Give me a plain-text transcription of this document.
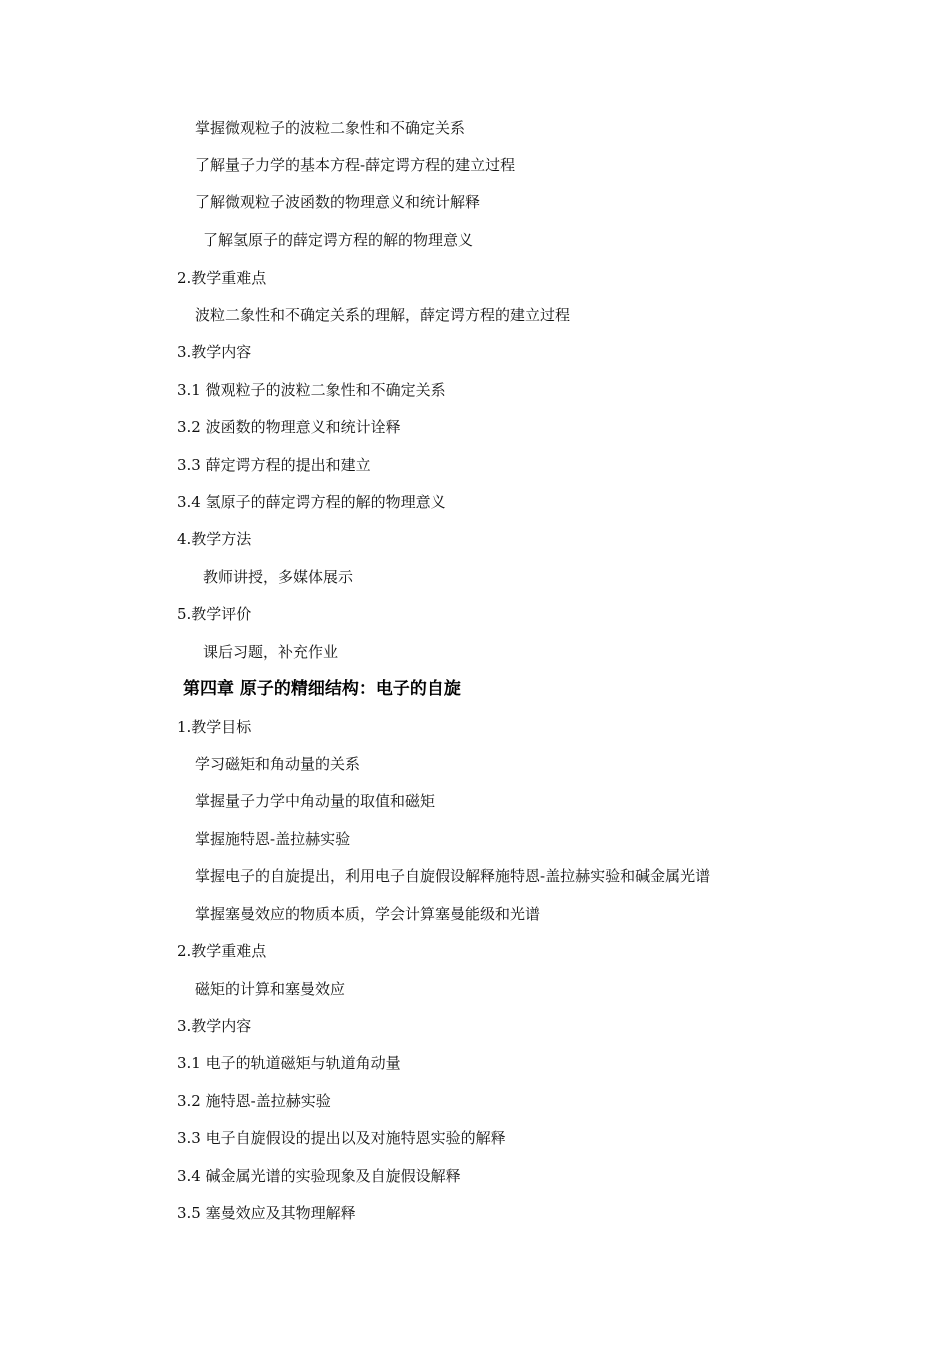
掌握微观粒子的波粒二象性和不确定关系
了解量子力学的基本方程-薛定谔方程的建立过程
了解微观粒子波函数的物理意义和统计解释
了解氢原子的薛定谔方程的解的物理意义
2.教学重难点
波粒二象性和不确定关系的理解，薛定谔方程的建立过程
3.教学内容
3.1 微观粒子的波粒二象性和不确定关系
3.2 波函数的物理意义和统计诠释
3.3 薛定谔方程的提出和建立
3.4 氢原子的薛定谔方程的解的物理意义
4.教学方法
教师讲授，多媒体展示
5.教学评价
课后习题，补充作业
第四章 原子的精细结构：电子的自旋
1.教学目标
学习磁矩和角动量的关系
掌握量子力学中角动量的取值和磁矩
掌握施特恩-盖拉赫实验
掌握电子的自旋提出，利用电子自旋假设解释施特恩-盖拉赫实验和碱金属光谱
掌握塞曼效应的物质本质，学会计算塞曼能级和光谱
2.教学重难点
磁矩的计算和塞曼效应
3.教学内容
3.1 电子的轨道磁矩与轨道角动量
3.2 施特恩-盖拉赫实验
3.3 电子自旋假设的提出以及对施特恩实验的解释
3.4 碱金属光谱的实验现象及自旋假设解释
3.5 塞曼效应及其物理解释
